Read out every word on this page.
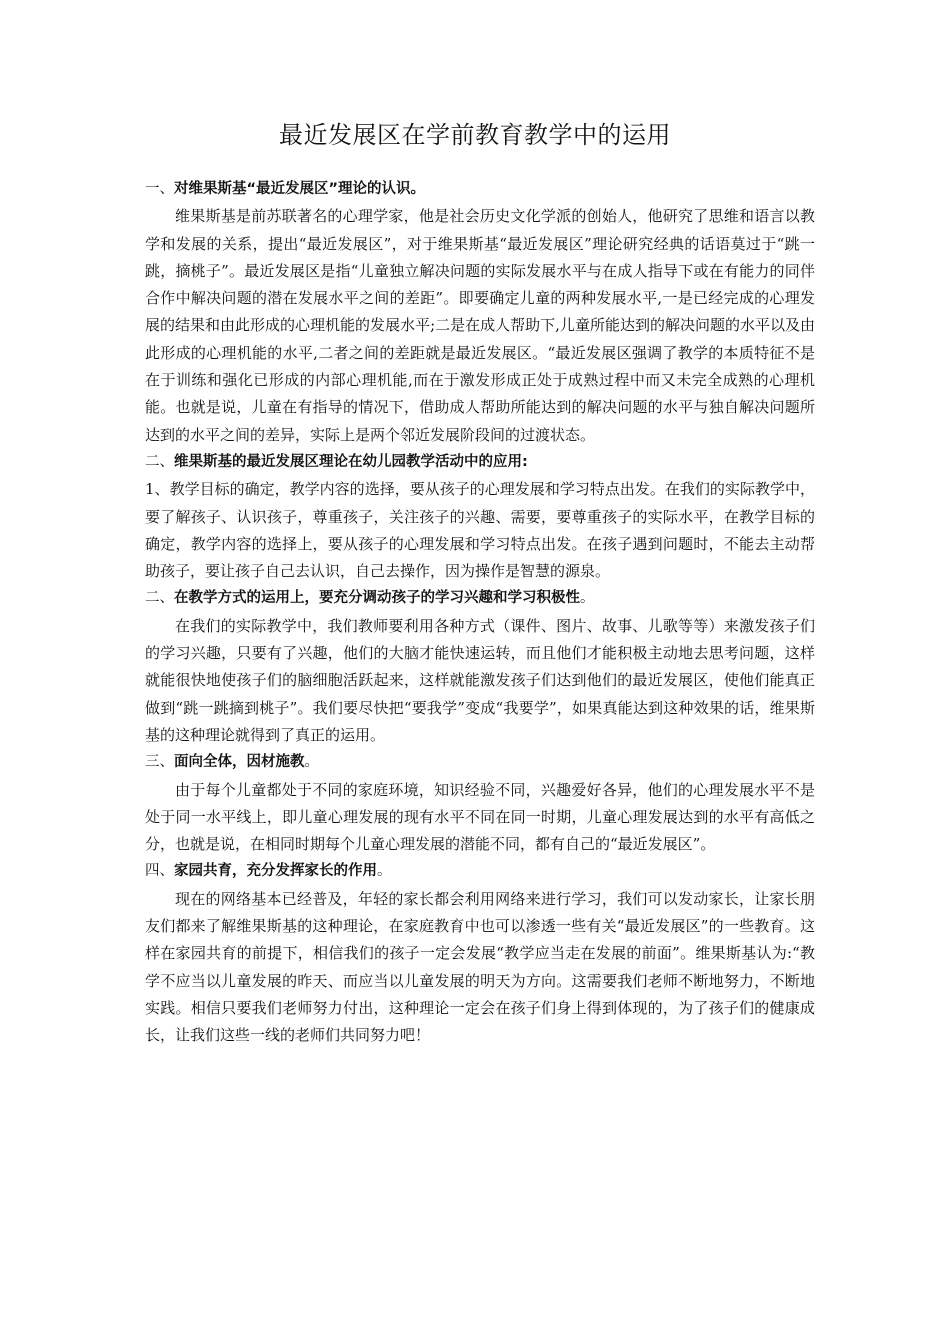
最近发展区在学前教育教学中的运用

一、对维果斯基“最近发展区”理论的认识。

维果斯基是前苏联著名的心理学家，他是社会历史文化学派的创始人，他研究了思维和语言以教学和发展的关系，提出“最近发展区”，对于维果斯基“最近发展区”理论研究经典的话语莫过于“跳一跳，摘桃子”。最近发展区是指“儿童独立解决问题的实际发展水平与在成人指导下或在有能力的同伴合作中解决问题的潜在发展水平之间的差距”。即要确定儿童的两种发展水平,一是已经完成的心理发展的结果和由此形成的心理机能的发展水平;二是在成人帮助下,儿童所能达到的解决问题的水平以及由此形成的心理机能的水平,二者之间的差距就是最近发展区。“最近发展区强调了教学的本质特征不是在于训练和强化已形成的内部心理机能,而在于激发形成正处于成熟过程中而又未完全成熟的心理机能。也就是说，儿童在有指导的情况下，借助成人帮助所能达到的解决问题的水平与独自解决问题所达到的水平之间的差异，实际上是两个邻近发展阶段间的过渡状态。

二、维果斯基的最近发展区理论在幼儿园教学活动中的应用:

1、教学目标的确定，教学内容的选择，要从孩子的心理发展和学习特点出发。在我们的实际教学中，要了解孩子、认识孩子，尊重孩子，关注孩子的兴趣、需要，要尊重孩子的实际水平，在教学目标的确定，教学内容的选择上，要从孩子的心理发展和学习特点出发。在孩子遇到问题时，不能去主动帮助孩子，要让孩子自己去认识，自己去操作，因为操作是智慧的源泉。

二、在教学方式的运用上，要充分调动孩子的学习兴趣和学习积极性。

在我们的实际教学中，我们教师要利用各种方式（课件、图片、故事、儿歌等等）来激发孩子们的学习兴趣，只要有了兴趣，他们的大脑才能快速运转，而且他们才能积极主动地去思考问题，这样就能很快地使孩子们的脑细胞活跃起来，这样就能激发孩子们达到他们的最近发展区，使他们能真正做到“跳一跳摘到桃子”。我们要尽快把“要我学”变成“我要学”，如果真能达到这种效果的话，维果斯基的这种理论就得到了真正的运用。

三、面向全体，因材施教。

由于每个儿童都处于不同的家庭环境，知识经验不同，兴趣爱好各异，他们的心理发展水平不是处于同一水平线上，即儿童心理发展的现有水平不同在同一时期，儿童心理发展达到的水平有高低之分，也就是说，在相同时期每个儿童心理发展的潜能不同，都有自己的“最近发展区”。

四、家园共育，充分发挥家长的作用。

现在的网络基本已经普及，年轻的家长都会利用网络来进行学习，我们可以发动家长，让家长朋友们都来了解维果斯基的这种理论，在家庭教育中也可以渗透一些有关“最近发展区”的一些教育。这样在家园共育的前提下，相信我们的孩子一定会发展“教学应当走在发展的前面”。维果斯基认为:“教学不应当以儿童发展的昨天、而应当以儿童发展的明天为方向。这需要我们老师不断地努力，不断地实践。相信只要我们老师努力付出，这种理论一定会在孩子们身上得到体现的，为了孩子们的健康成长，让我们这些一线的老师们共同努力吧！
